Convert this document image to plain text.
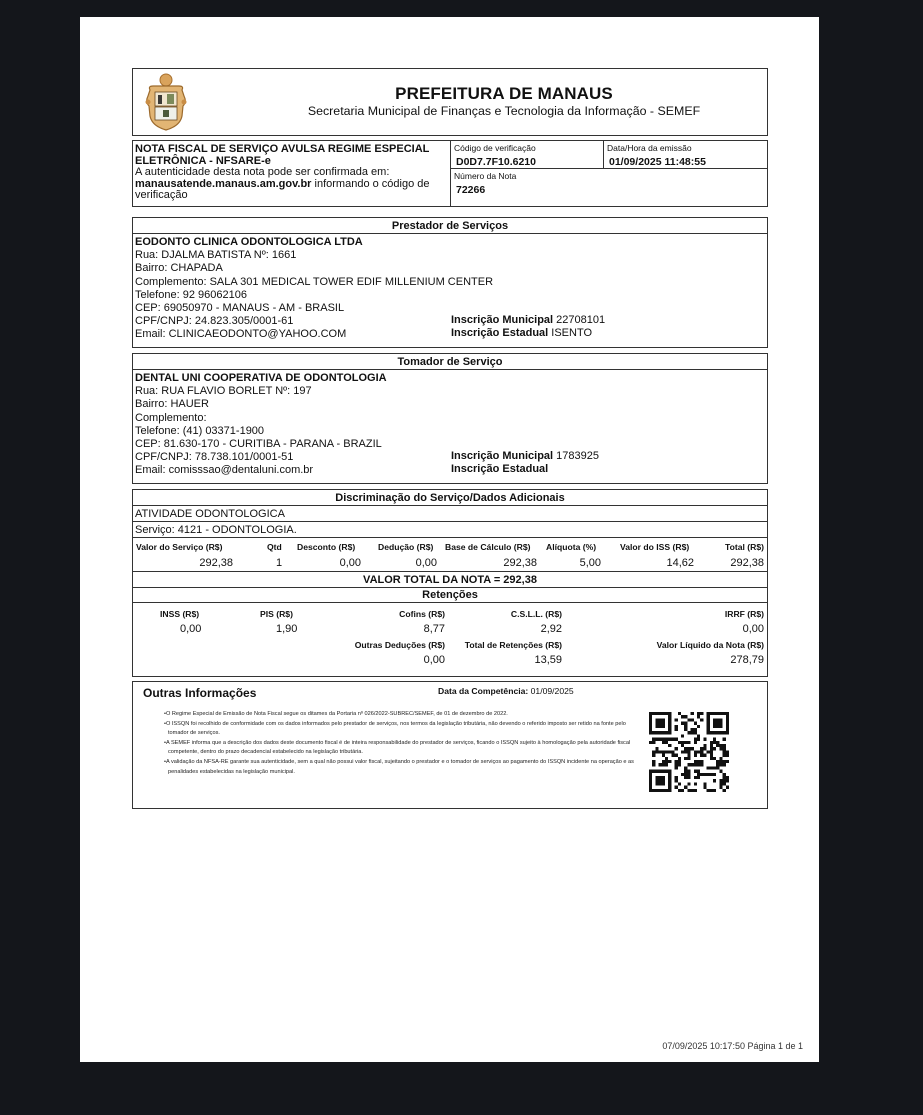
PREFEITURA DE MANAUS
Secretaria Municipal de Finanças e Tecnologia da Informação - SEMEF
NOTA FISCAL DE SERVIÇO AVULSA REGIME ESPECIAL ELETRÔNICA - NFSARE-e
A autenticidade desta nota pode ser confirmada em:
manausatende.manaus.am.gov.br informando o código de verificação
Código de verificação
D0D7.7F10.6210
Data/Hora da emissão
01/09/2025 11:48:55
Número da Nota
72266
Prestador de Serviços
EODONTO CLINICA ODONTOLOGICA LTDA
Rua: DJALMA BATISTA Nº: 1661
Bairro: CHAPADA
Complemento: SALA 301 MEDICAL TOWER EDIF MILLENIUM CENTER
Telefone: 92 96062106
CEP: 69050970 - MANAUS - AM - BRASIL
CPF/CNPJ: 24.823.305/0001-61
Email: CLINICAEODONTO@YAHOO.COM
Inscrição Municipal 22708101
Inscrição Estadual ISENTO
Tomador de Serviço
DENTAL UNI COOPERATIVA DE ODONTOLOGIA
Rua: RUA FLAVIO BORLET Nº: 197
Bairro: HAUER
Complemento:
Telefone: (41) 03371-1900
CEP: 81.630-170 - CURITIBA - PARANA - BRAZIL
CPF/CNPJ: 78.738.101/0001-51
Email: comisssao@dentaluni.com.br
Inscrição Municipal 1783925
Inscrição Estadual
Discriminação do Serviço/Dados Adicionais
ATIVIDADE ODONTOLOGICA
Serviço: 4121 - ODONTOLOGIA.
Valor do Serviço (R$)
292,38
Qtd
1
Desconto (R$)
0,00
Dedução (R$)
0,00
Base de Cálculo (R$)
292,38
Alíquota (%)
5,00
Valor do ISS (R$)
14,62
Total (R$)
292,38
VALOR TOTAL DA NOTA = 292,38
Retenções
INSS (R$)
0,00
PIS (R$)
1,90
Cofins (R$)
8,77
C.S.L.L. (R$)
2,92
IRRF (R$)
0,00
Outras Deduções (R$)
0,00
Total de Retenções (R$)
13,59
Valor Líquido da Nota (R$)
278,79
Outras Informações	Data da Competência: 01/09/2025
• O Regime Especial de Emissão de Nota Fiscal segue os ditames da Portaria nº 026/2022-SUBREC/SEMEF, de 01 de dezembro de 2022.
• O ISSQN foi recolhido de conformidade com os dados informados pelo prestador de serviços, nos termos da legislação tributária, não devendo o referido imposto ser retido na fonte pelo tomador de serviços.
• A SEMEF informa que a descrição dos dados deste documento fiscal é de inteira responsabilidade do prestador de serviços, ficando o ISSQN sujeito à homologação pela autoridade fiscal competente, dentro do prazo decadencial estabelecido na legislação tributária.
• A validação da NFSA-RE garante sua autenticidade, sem a qual não possui valor fiscal, sujeitando o prestador e o tomador de serviços ao pagamento do ISSQN incidente na operação e as penalidades estabelecidas na legislação municipal.
07/09/2025 10:17:50 Página 1 de 1
